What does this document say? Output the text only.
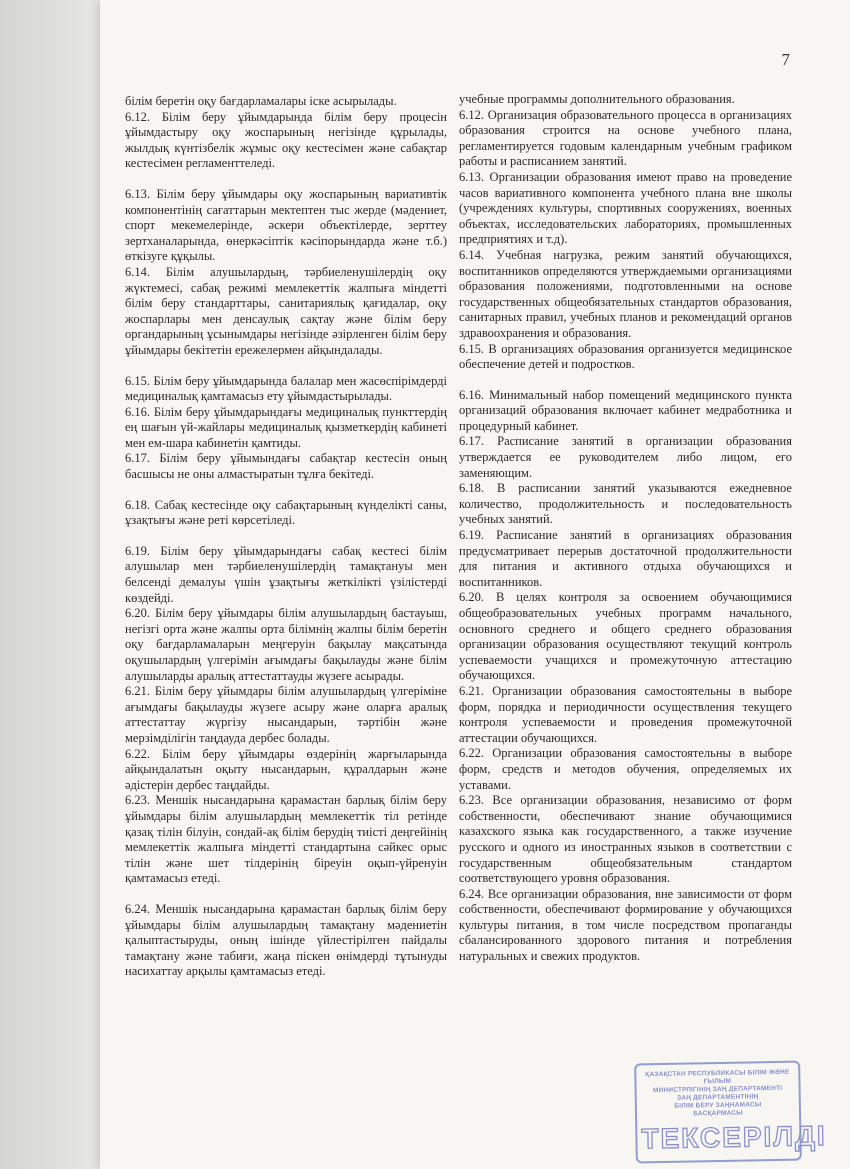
7

білім беретін оқу бағдарламалары іске асырылады.

6.12. Білім беру ұйымдарында білім беру процесін ұйымдастыру оқу жоспарының негізінде құрылады, жылдық күнтізбелік жұмыс оқу кестесімен және сабақтар кестесімен регламенттеледі.

6.13. Білім беру ұйымдары оқу жоспарының вариативтік компонентінің сағаттарын мектептен тыс жерде (мәдениет, спорт мекемелерінде, әскери объектілерде, зерттеу зертханаларында, өнеркәсіптік кәсіпорындарда және т.б.) өткізуге құқылы.

6.14. Білім алушылардың, тәрбиеленушілердің оқу жүктемесі, сабақ режимі мемлекеттік жалпыға міндетті білім беру стандарттары, санитариялық қағидалар, оқу жоспарлары мен денсаулық сақтау және білім беру органдарының ұсынымдары негізінде әзірленген білім беру ұйымдары бекітетін ережелермен айқындалады.

6.15. Білім беру ұйымдарында балалар мен жасөспірімдерді медициналық қамтамасыз ету ұйымдастырылады.

6.16. Білім беру ұйымдарындағы медициналық пункттердің ең шағын үй-жайлары медициналық қызметкердің кабинеті мен ем-шара кабинетін қамтиды.

6.17. Білім беру ұйымындағы сабақтар кестесін оның басшысы не оны алмастыратын тұлға бекітеді.

6.18. Сабақ кестесінде оқу сабақтарының күнделікті саны, ұзақтығы және реті көрсетіледі.

6.19. Білім беру ұйымдарындағы сабақ кестесі білім алушылар мен тәрбиеленушілердің тамақтануы мен белсенді демалуы үшін ұзақтығы жеткілікті үзілістерді көздейді.

6.20. Білім беру ұйымдары білім алушылардың бастауыш, негізгі орта және жалпы орта білімнің жалпы білім беретін оқу бағдарламаларын меңгеруін бақылау мақсатында оқушылардың үлгерімін ағымдағы бақылауды және білім алушыларды аралық аттестаттауды жүзеге асырады.

6.21. Білім беру ұйымдары білім алушылардың үлгеріміне ағымдағы бақылауды жүзеге асыру және оларға аралық аттестаттау жүргізу нысандарын, тәртібін және мерзімділігін таңдауда дербес болады.

6.22. Білім беру ұйымдары өздерінің жарғыларында айқындалатын оқыту нысандарын, құралдарын және әдістерін дербес таңдайды.

6.23. Меншік нысандарына қарамастан барлық білім беру ұйымдары білім алушылардың мемлекеттік тіл ретінде қазақ тілін білуін, сондай-ақ білім берудің тиісті деңгейінің мемлекеттік жалпыға міндетті стандартына сәйкес орыс тілін және шет тілдерінің біреуін оқып-үйренуін қамтамасыз етеді.

6.24. Меншік нысандарына қарамастан барлық білім беру ұйымдары білім алушылардың тамақтану мәдениетін қалыптастыруды, оның ішінде үйлестірілген пайдалы тамақтану және табиғи, жаңа піскен өнімдерді тұтынуды насихаттау арқылы қамтамасыз етеді.

учебные программы дополнительного образования.

6.12. Организация образовательного процесса в организациях образования строится на основе учебного плана, регламентируется годовым календарным учебным графиком работы и расписанием занятий.

6.13. Организации образования имеют право на проведение часов вариативного компонента учебного плана вне школы (учреждениях культуры, спортивных сооружениях, военных объектах, исследовательских лабораториях, промышленных предприятиях и т.д).

6.14. Учебная нагрузка, режим занятий обучающихся, воспитанников определяются утверждаемыми организациями образования положениями, подготовленными на основе государственных общеобязательных стандартов образования, санитарных правил, учебных планов и рекомендаций органов здравоохранения и образования.

6.15. В организациях образования организуется медицинское обеспечение детей и подростков.

6.16. Минимальный набор помещений медицинского пункта организаций образования включает кабинет медработника и процедурный кабинет.

6.17. Расписание занятий в организации образования утверждается ее руководителем либо лицом, его заменяющим.

6.18. В расписании занятий указываются ежедневное количество, продолжительность и последовательность учебных занятий.

6.19. Расписание занятий в организациях образования предусматривает перерыв достаточной продолжительности для питания и активного отдыха обучающихся и воспитанников.

6.20. В целях контроля за освоением обучающимися общеобразовательных учебных программ начального, основного среднего и общего среднего образования организации образования осуществляют текущий контроль успеваемости учащихся и промежуточную аттестацию обучающихся.

6.21. Организации образования самостоятельны в выборе форм, порядка и периодичности осуществления текущего контроля успеваемости и проведения промежуточной аттестации обучающихся.

6.22. Организации образования самостоятельны в выборе форм, средств и методов обучения, определяемых их уставами.

6.23. Все организации образования, независимо от форм собственности, обеспечивают знание обучающимися казахского языка как государственного, а также изучение русского и одного из иностранных языков в соответствии с государственным общеобязательным стандартом соответствующего уровня образования.

6.24. Все организации образования, вне зависимости от форм собственности, обеспечивают формирование у обучающихся культуры питания, в том числе посредством пропаганды сбалансированного здорового питания и потребления натуральных и свежих продуктов.

ҚАЗАҚСТАН РЕСПУБЛИКАСЫ БІЛІМ ЖӘНЕ ҒЫЛЫМ
МИНИСТРЛІГІНІҢ ЗАҢ ДЕПАРТАМЕНТІ
ЗАҢ ДЕПАРТАМЕНТІНІҢ
БІЛІМ БЕРУ ЗАҢНАМАСЫ
БАСҚАРМАСЫ
ТЕКСЕРІЛДІ
